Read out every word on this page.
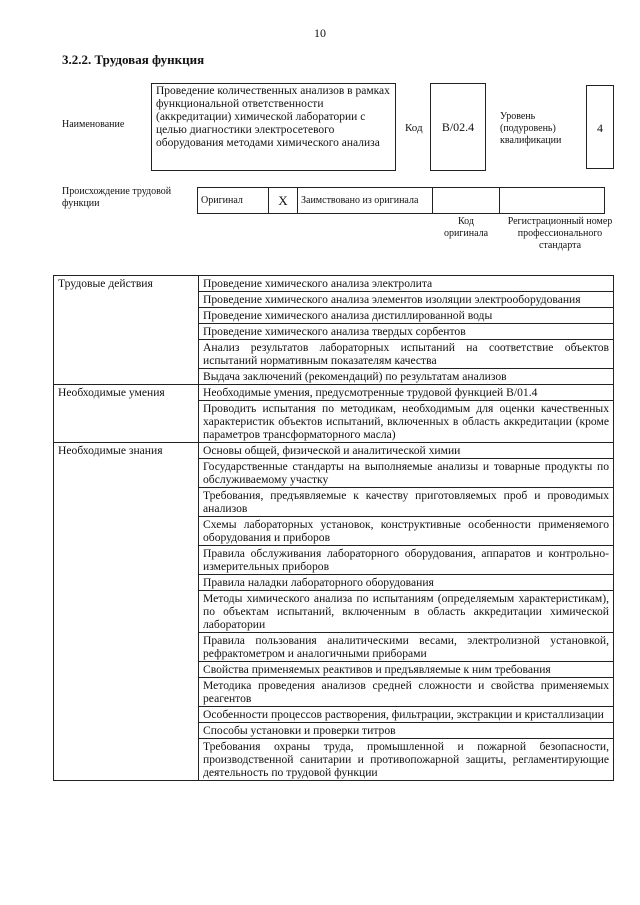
10
3.2.2. Трудовая функция
Наименование
Проведение количественных анализов в рамках функциональной ответственности (аккредитации) химической лаборатории с целью диагностики электросетевого оборудования методами химического анализа
Код	B/02.4
Уровень (подуровень) квалификации
4
Происхождение трудовой функции	Оригинал	X	Заимствовано из оригинала		
Код оригинала
Регистрационный номер профессионального стандарта
Трудовые действия	Проведение химического анализа электролита
	Проведение химического анализа элементов изоляции электрооборудования
	Проведение химического анализа дистиллированной воды
	Проведение химического анализа твердых сорбентов
	Анализ результатов лабораторных испытаний на соответствие объектов испытаний нормативным показателям качества
	Выдача заключений (рекомендаций) по результатам анализов
Необходимые умения	Необходимые умения, предусмотренные трудовой функцией B/01.4
	Проводить испытания по методикам, необходимым для оценки качественных характеристик объектов испытаний, включенных в область аккредитации (кроме параметров трансформаторного масла)
Необходимые знания	Основы общей, физической и аналитической химии
	Государственные стандарты на выполняемые анализы и товарные продукты по обслуживаемому участку
	Требования, предъявляемые к качеству приготовляемых проб и проводимых анализов
	Схемы лабораторных установок, конструктивные особенности применяемого оборудования и приборов
	Правила обслуживания лабораторного оборудования, аппаратов и контрольно-измерительных приборов
	Правила наладки лабораторного оборудования
	Методы химического анализа по испытаниям (определяемым характеристикам), по объектам испытаний, включенным в область аккредитации химической лаборатории
	Правила пользования аналитическими весами, электролизной установкой, рефрактометром и аналогичными приборами
	Свойства применяемых реактивов и предъявляемые к ним требования
	Методика проведения анализов средней сложности и свойства применяемых реагентов
	Особенности процессов растворения, фильтрации, экстракции и кристаллизации
	Способы установки и проверки титров
	Требования охраны труда, промышленной и пожарной безопасности, производственной санитарии и противопожарной защиты, регламентирующие деятельность по трудовой функции
